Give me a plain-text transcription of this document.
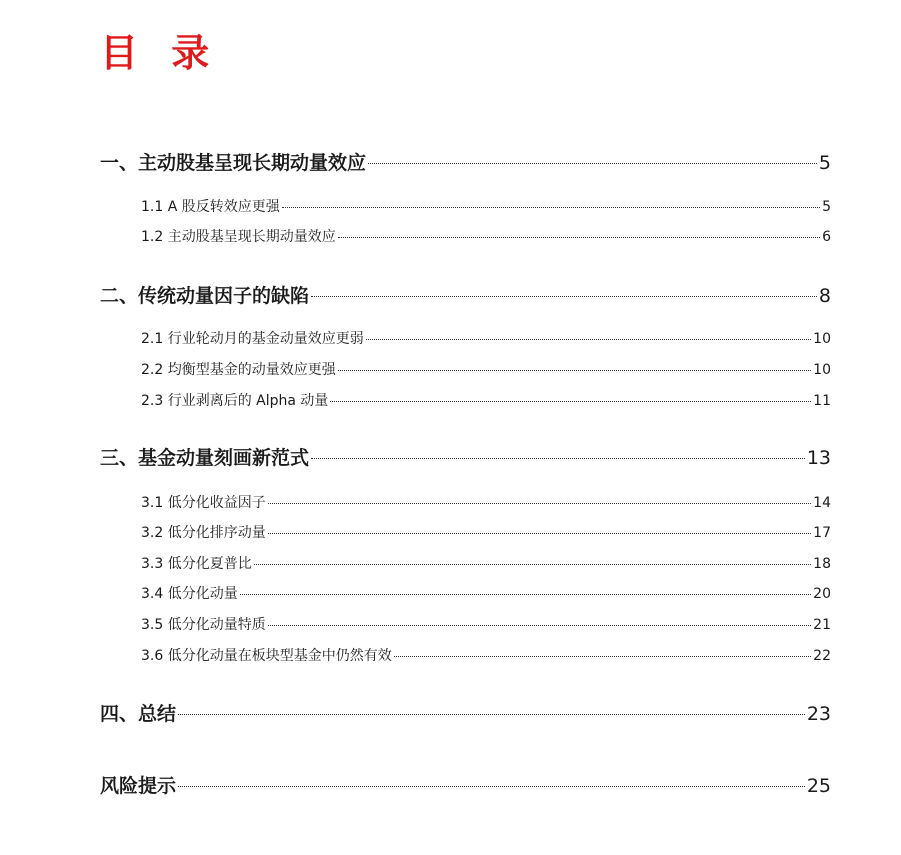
目 录
一、主动股基呈现长期动量效应	5
1.1 A 股反转效应更强	5
1.2 主动股基呈现长期动量效应	6
二、传统动量因子的缺陷	8
2.1 行业轮动月的基金动量效应更弱	10
2.2 均衡型基金的动量效应更强	10
2.3 行业剥离后的 Alpha 动量	11
三、基金动量刻画新范式	13
3.1 低分化收益因子	14
3.2 低分化排序动量	17
3.3 低分化夏普比	18
3.4 低分化动量	20
3.5 低分化动量特质	21
3.6 低分化动量在板块型基金中仍然有效	22
四、总结	23
风险提示	25
